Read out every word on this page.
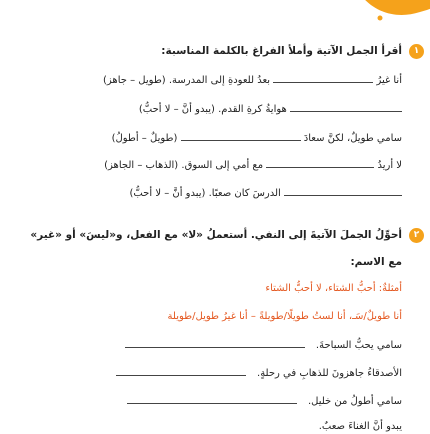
١
أقرأ الجمل الآتية وأملأ الفراغ بالكلمة المناسبة:
أنا غيرُ  بعدُ للعودةِ إلى المدرسة. (طويل – جاهز)
هوايةُ كرةِ القدم. (يبدو أنَّ – لا أحبُّ)
سامي طويلٌ، لكنَّ سعادَ  (طويلٌ – أطولُ)
لا أريدُ  مع أمي إلى السوق. (الذهاب – الجاهز)
الدرسَ كان صعبًا. (يبدو أنَّ – لا أحبُّ)
٢
أحوِّلُ الجملَ الآتيةَ إلى النفي. أستعملُ «لا» مع الفعل، و«ليسَ» أو «غير»
مع الاسم:
أمثلةٌ: أحبُّ الشتاء، لا أحبُّ الشتاء
أنا طويلٌ/سَـ، أنا لستُ طويلًا/طويلةً – أنا غيرُ طويل/طويلة
سامي يحبُّ السباحةَ.
الأصدقاءُ جاهزونَ للذهابِ في رحلةٍ.
سامي أطولُ من خليل.
يبدو أنَّ الغناءَ صعبٌ.
